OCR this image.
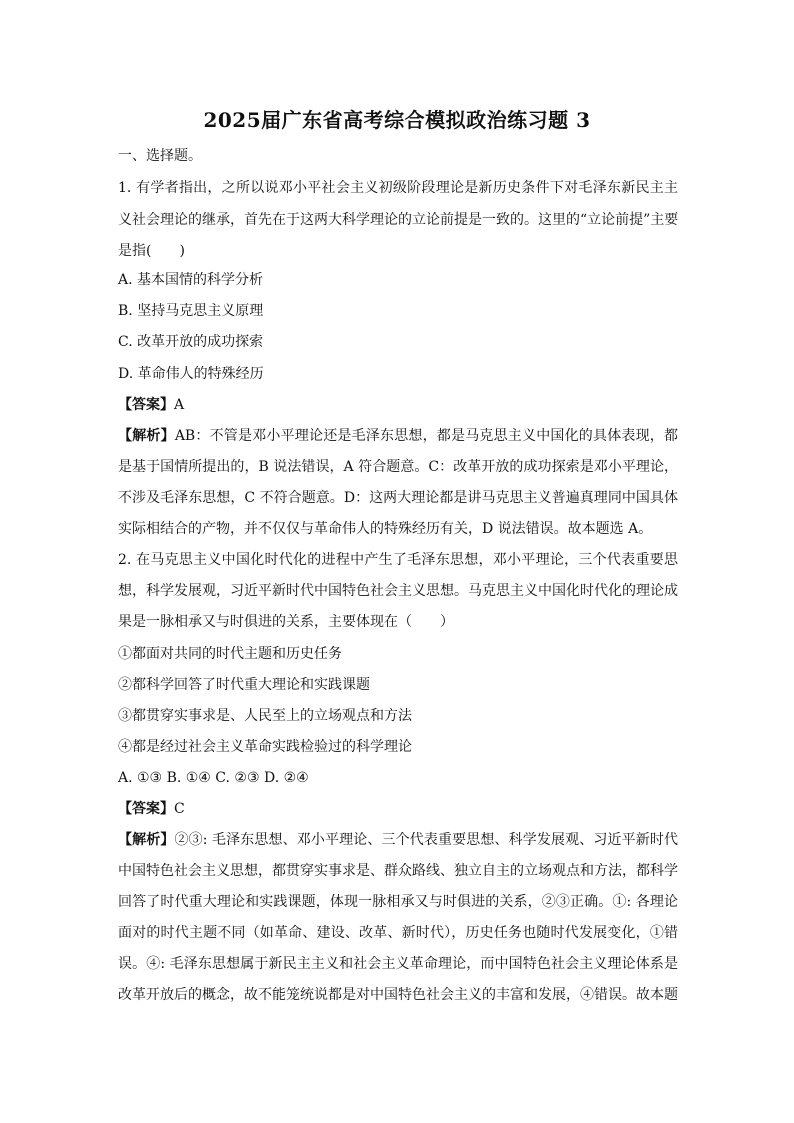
2025届广东省高考综合模拟政治练习题 3
一、选择题。
1. 有学者指出，之所以说邓小平社会主义初级阶段理论是新历史条件下对毛泽东新民主主
义社会理论的继承，首先在于这两大科学理论的立论前提是一致的。这里的“立论前提”主要
是指(　　)
A. 基本国情的科学分析
B. 坚持马克思主义原理
C. 改革开放的成功探索
D. 革命伟人的特殊经历
【答案】A
【解析】AB：不管是邓小平理论还是毛泽东思想，都是马克思主义中国化的具体表现，都
是基于国情所提出的，B 说法错误，A 符合题意。C：改革开放的成功探索是邓小平理论，
不涉及毛泽东思想，C 不符合题意。D：这两大理论都是讲马克思主义普遍真理同中国具体
实际相结合的产物，并不仅仅与革命伟人的特殊经历有关，D 说法错误。故本题选 A。
2. 在马克思主义中国化时代化的进程中产生了毛泽东思想，邓小平理论，三个代表重要思
想，科学发展观，习近平新时代中国特色社会主义思想。马克思主义中国化时代化的理论成
果是一脉相承又与时俱进的关系，主要体现在（　　）
①都面对共同的时代主题和历史任务
②都科学回答了时代重大理论和实践课题
③都贯穿实事求是、人民至上的立场观点和方法
④都是经过社会主义革命实践检验过的科学理论
A. ①③ B. ①④ C. ②③ D. ②④
【答案】C
【解析】②③: 毛泽东思想、邓小平理论、三个代表重要思想、科学发展观、习近平新时代
中国特色社会主义思想，都贯穿实事求是、群众路线、独立自主的立场观点和方法，都科学
回答了时代重大理论和实践课题，体现一脉相承又与时俱进的关系，②③正确。①: 各理论
面对的时代主题不同（如革命、建设、改革、新时代），历史任务也随时代发展变化，①错
误。④: 毛泽东思想属于新民主主义和社会主义革命理论，而中国特色社会主义理论体系是
改革开放后的概念，故不能笼统说都是对中国特色社会主义的丰富和发展，④错误。故本题
